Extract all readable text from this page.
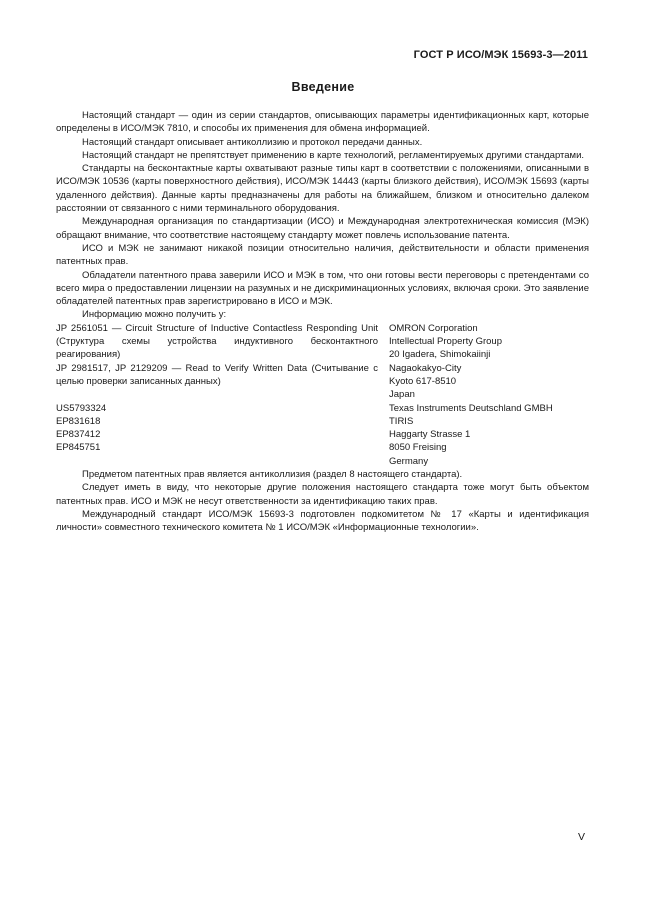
ГОСТ Р ИСО/МЭК 15693-3—2011
Введение

Настоящий стандарт — один из серии стандартов, описывающих параметры идентификационных карт, которые определены в ИСО/МЭК 7810, и способы их применения для обмена информацией.

Настоящий стандарт описывает антиколлизию и протокол передачи данных.

Настоящий стандарт не препятствует применению в карте технологий, регламентируемых другими стандартами.

Стандарты на бесконтактные карты охватывают разные типы карт в соответствии с положениями, описанными в ИСО/МЭК 10536 (карты поверхностного действия), ИСО/МЭК 14443 (карты близкого действия), ИСО/МЭК 15693 (карты удаленного действия). Данные карты предназначены для работы на ближайшем, близком и относительно далеком расстоянии от связанного с ними терминального оборудования.

Международная организация по стандартизации (ИСО) и Международная электротехническая комиссия (МЭК) обращают внимание, что соответствие настоящему стандарту может повлечь использование патента.

ИСО и МЭК не занимают никакой позиции относительно наличия, действительности и области применения патентных прав.

Обладатели патентного права заверили ИСО и МЭК в том, что они готовы вести переговоры с претендентами со всего мира о предоставлении лицензии на разумных и не дискриминационных условиях, включая сроки. Это заявление обладателей патентных прав зарегистрировано в ИСО и МЭК.

Информацию можно получить у:

JP 2561051 — Circuit Structure of Inductive Contactless Responding Unit (Структура схемы устройства индуктивного бесконтактного реагирования)
JP 2981517, JP 2129209 — Read to Verify Written Data (Считывание с целью проверки записанных данных)
US5793324
EP831618
EP837412
EP845751
OMRON Corporation
Intellectual Property Group
20 Igadera, Shimokaiinji
Nagaokakyo-City
Kyoto 617-8510
Japan
Texas Instruments Deutschland GMBH
TIRIS
Haggarty Strasse 1
8050 Freising
Germany

Предметом патентных прав является антиколлизия (раздел 8 настоящего стандарта).

Следует иметь в виду, что некоторые другие положения настоящего стандарта тоже могут быть объектом патентных прав. ИСО и МЭК не несут ответственности за идентификацию таких прав.

Международный стандарт ИСО/МЭК 15693-3 подготовлен подкомитетом № 17 «Карты и идентификация личности» совместного технического комитета № 1 ИСО/МЭК «Информационные технологии».

V
